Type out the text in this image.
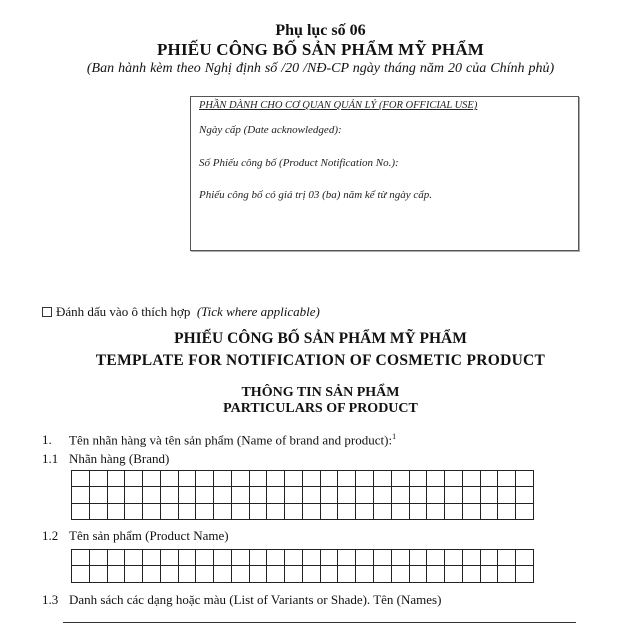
Phụ lục số 06
PHIẾU CÔNG BỐ SẢN PHẨM MỸ PHẨM
(Ban hành kèm theo Nghị định số /20 /NĐ-CP ngày tháng năm 20 của Chính phủ)
PHẦN DÀNH CHO CƠ QUAN QUẢN LÝ (FOR OFFICIAL USE)
Ngày cấp (Date acknowledged):
Số Phiếu công bố (Product Notification No.):
Phiếu công bố có giá trị 03 (ba) năm kể từ ngày cấp.
Đánh dấu vào ô thích hợp (Tick where applicable)
PHIẾU CÔNG BỐ SẢN PHẨM MỸ PHẨM
TEMPLATE FOR NOTIFICATION OF COSMETIC PRODUCT
THÔNG TIN SẢN PHẨM
PARTICULARS OF PRODUCT
1. Tên nhãn hàng và tên sản phẩm (Name of brand and product):$^1$
1.1 Nhãn hàng (Brand)
1.2 Tên sản phẩm (Product Name)
1.3 Danh sách các dạng hoặc màu (List of Variants or Shade). Tên (Names)
